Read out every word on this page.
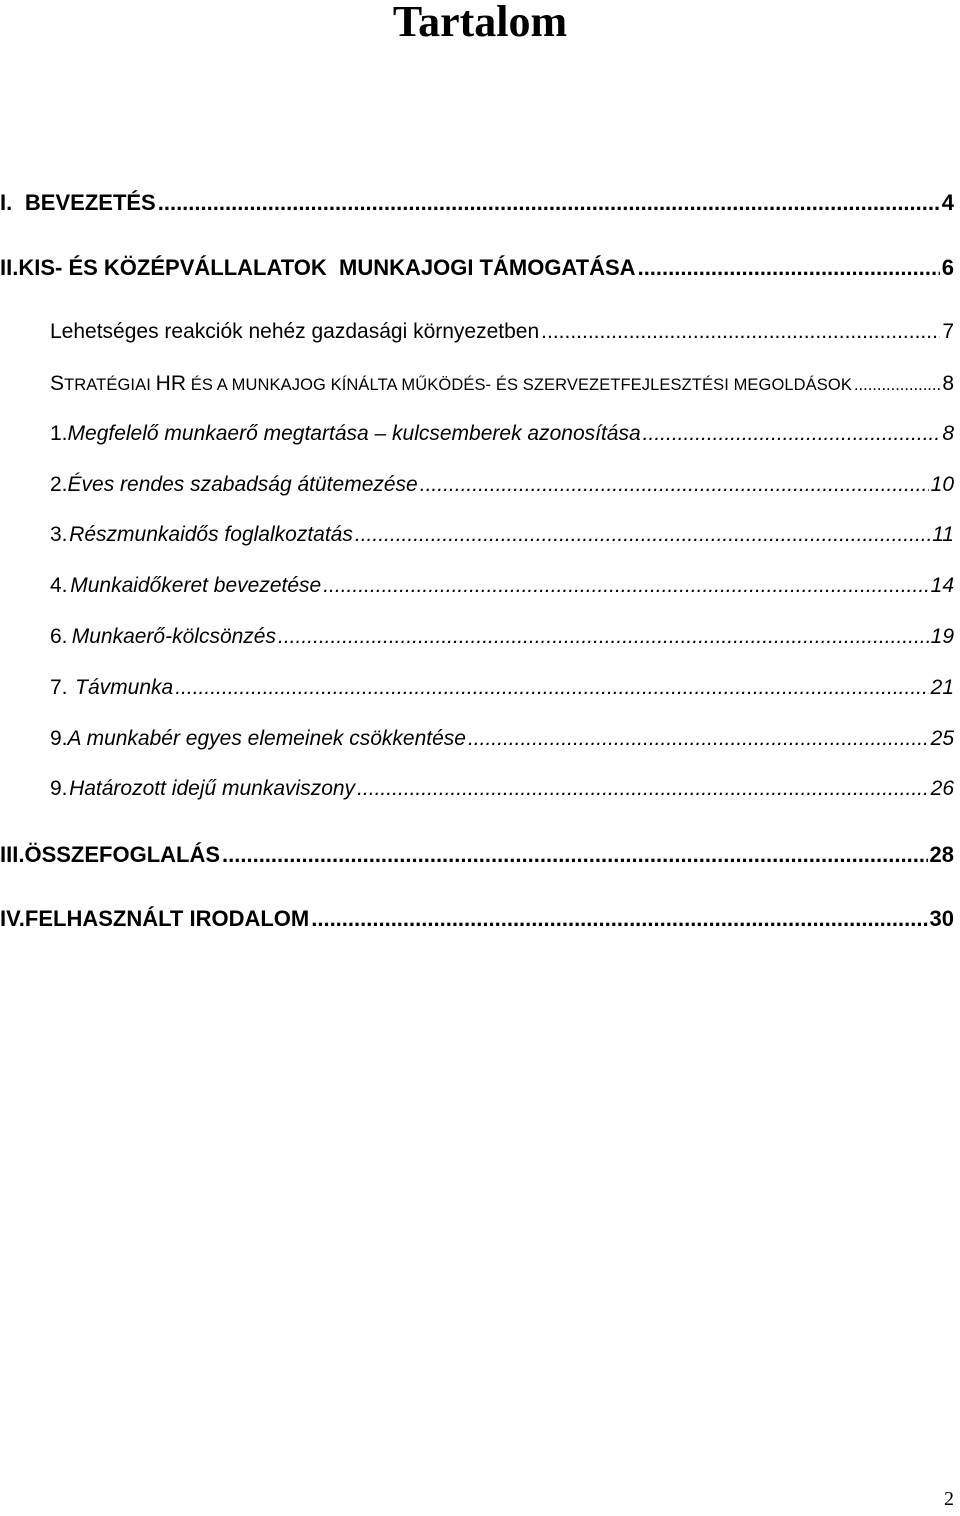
Tartalom
I. BEVEZETÉS .....	4
II. KIS- ÉS KÖZÉPVÁLLALATOK  MUNKAJOGI TÁMOGATÁSA .....	6
Lehetséges reakciók nehéz gazdasági környezetben .....	7
STRATÉGIAI HR ÉS A MUNKAJOG KÍNÁLTA MŰKÖDÉS- ÉS SZERVEZETFEJLESZTÉSI MEGOLDÁSOK .....	8
1. Megfelelő munkaerő megtartása – kulcsemberek azonosítása .....	8
2. Éves rendes szabadság átütemezése .....	10
3. Részmunkaidős foglalkoztatás .....	11
4. Munkaidőkeret bevezetése .....	14
6. Munkaerő-kölcsönzés .....	19
7. Távmunka .....	21
9. A munkabér egyes elemeinek csökkentése .....	25
9. Határozott idejű munkaviszony .....	26
III. ÖSSZEFOGLALÁS .....	28
IV. FELHASZNÁLT IRODALOM .....	30
2
